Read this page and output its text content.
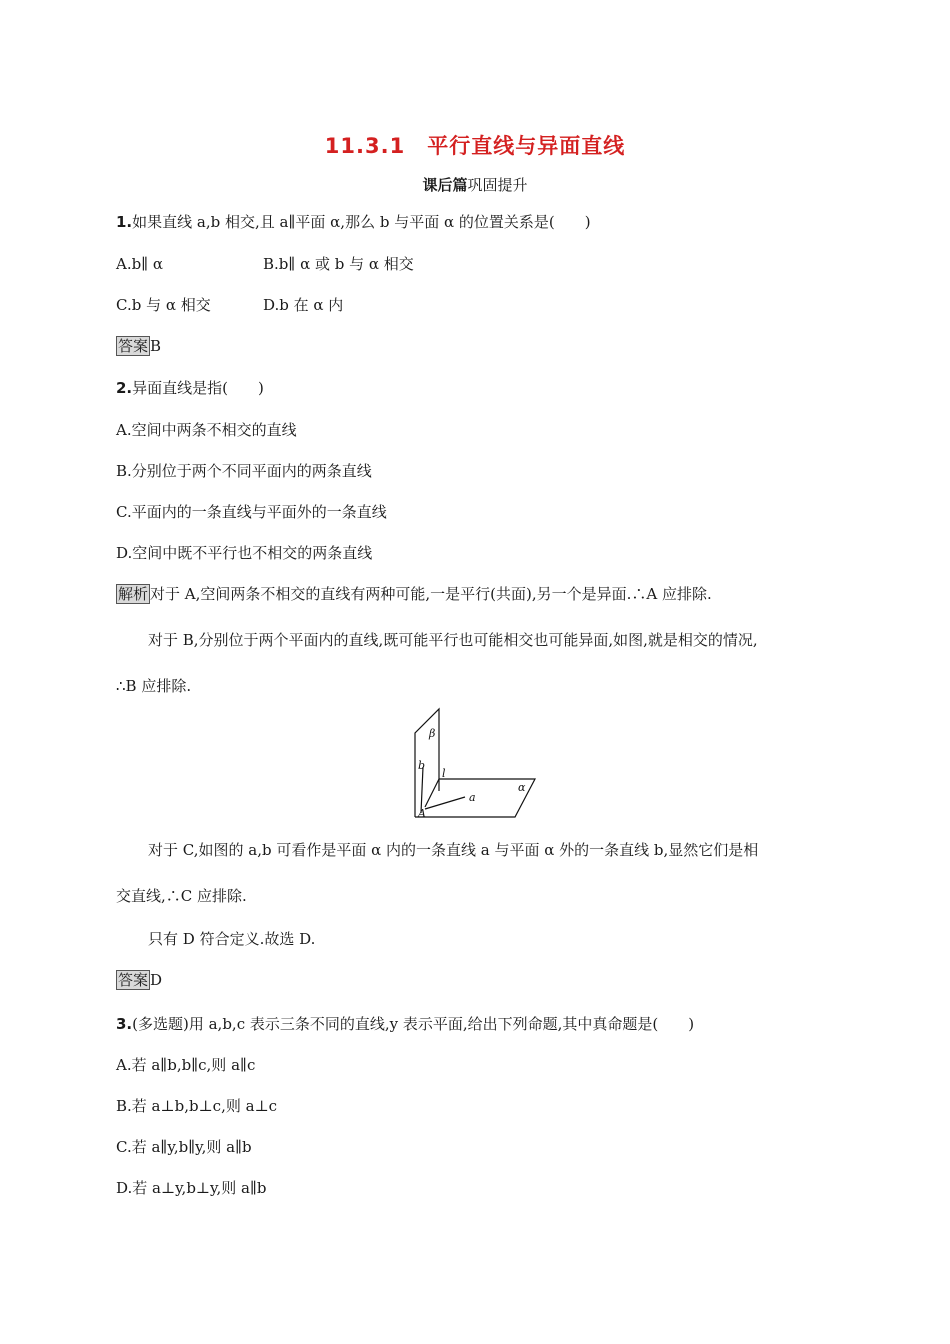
11.3.1　平行直线与异面直线
课后篇巩固提升
1.如果直线 a,b 相交,且 a∥平面 α,那么 b 与平面 α 的位置关系是(　　)
A.b∥ α	B.b∥ α 或 b 与 α 相交
C.b 与 α 相交	D.b 在 α 内
答案 B
2.异面直线是指(　　)
A.空间中两条不相交的直线
B.分别位于两个不同平面内的两条直线
C.平面内的一条直线与平面外的一条直线
D.空间中既不平行也不相交的两条直线
解析 对于 A,空间两条不相交的直线有两种可能,一是平行(共面),另一个是异面.∴A 应排除.
对于 B,分别位于两个平面内的直线,既可能平行也可能相交也可能异面,如图,就是相交的情况,
∴B 应排除.
β
b
l
a
α
A
对于 C,如图的 a,b 可看作是平面 α 内的一条直线 a 与平面 α 外的一条直线 b,显然它们是相
交直线,∴C 应排除.
只有 D 符合定义.故选 D.
答案 D
3.(多选题)用 a,b,c 表示三条不同的直线,y 表示平面,给出下列命题,其中真命题是(　　)
A.若 a∥b,b∥c,则 a∥c
B.若 a⊥b,b⊥c,则 a⊥c
C.若 a∥y,b∥y,则 a∥b
D.若 a⊥y,b⊥y,则 a∥b
